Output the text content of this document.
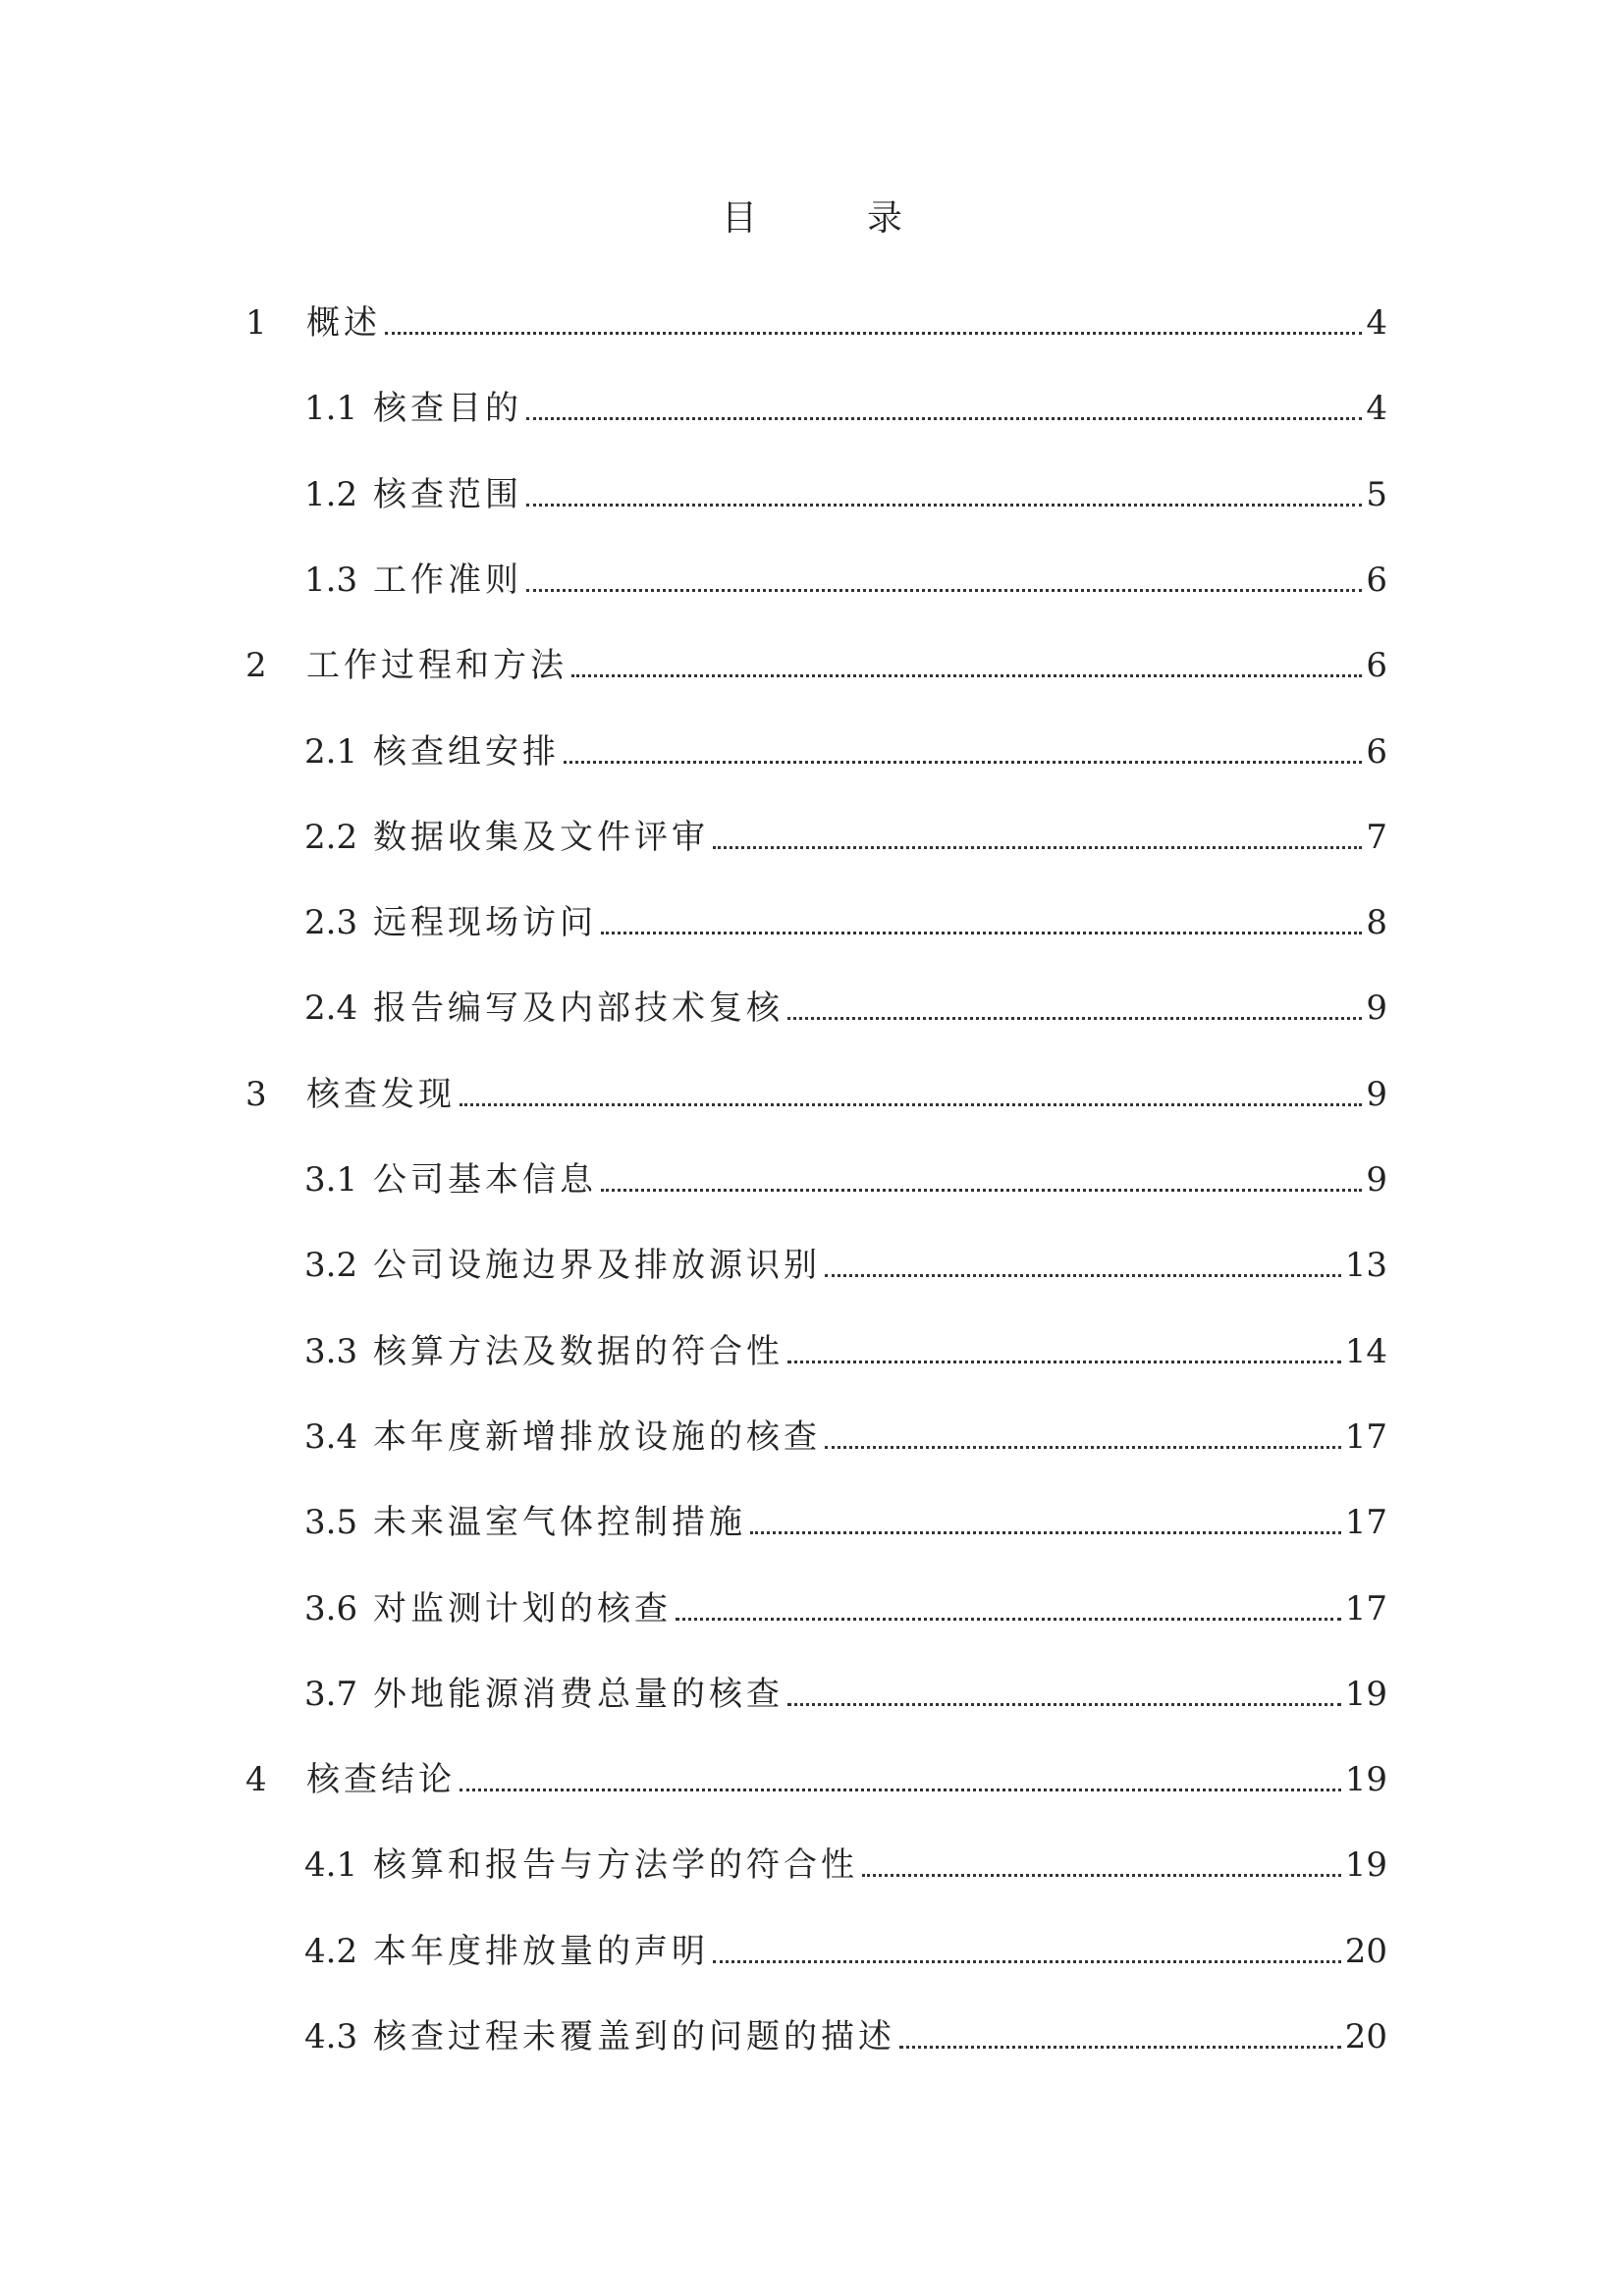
目　录
1	概述	4
1.1 核查目的	4
1.2 核查范围	5
1.3 工作准则	6
2	工作过程和方法	6
2.1 核查组安排	6
2.2 数据收集及文件评审	7
2.3 远程现场访问	8
2.4 报告编写及内部技术复核	9
3	核查发现	9
3.1 公司基本信息	9
3.2 公司设施边界及排放源识别	13
3.3 核算方法及数据的符合性	14
3.4 本年度新增排放设施的核查	17
3.5 未来温室气体控制措施	17
3.6 对监测计划的核查	17
3.7 外地能源消费总量的核查	19
4	核查结论	19
4.1 核算和报告与方法学的符合性	19
4.2 本年度排放量的声明	20
4.3 核查过程未覆盖到的问题的描述	20
